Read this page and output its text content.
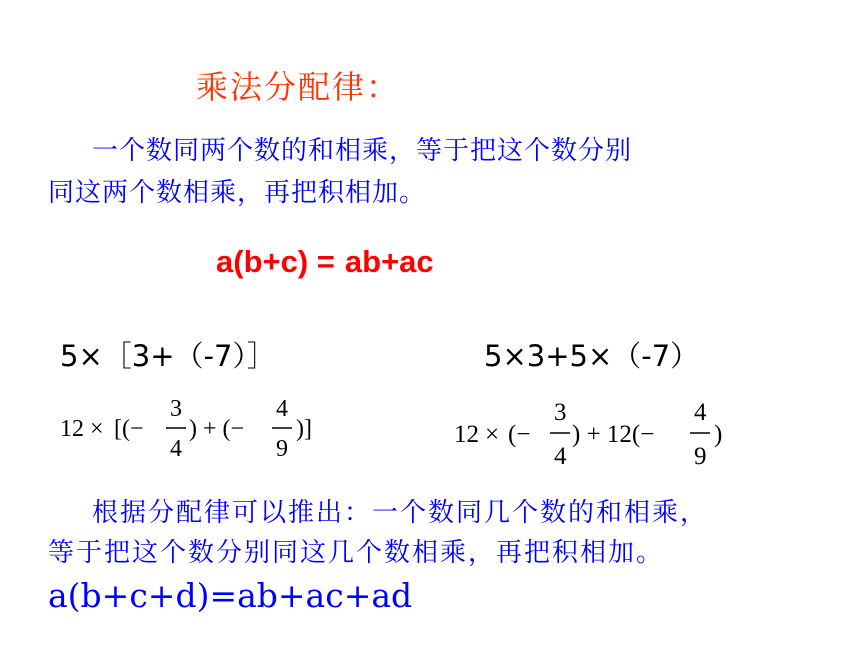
乘法分配律：
一个数同两个数的和相乘，等于把这个数分别
同这两个数相乘，再把积相加。
a(b+c) = ab+ac
5×［3+（-7）］	5×3+5×（-7）
12 × [(−
3
4
) + (−
4
9
)]	12 × (−
3
4
) + 12(−
4
9
)
根据分配律可以推出：一个数同几个数的和相乘，
等于把这个数分别同这几个数相乘，再把积相加。
a(b+c+d)=ab+ac+ad
